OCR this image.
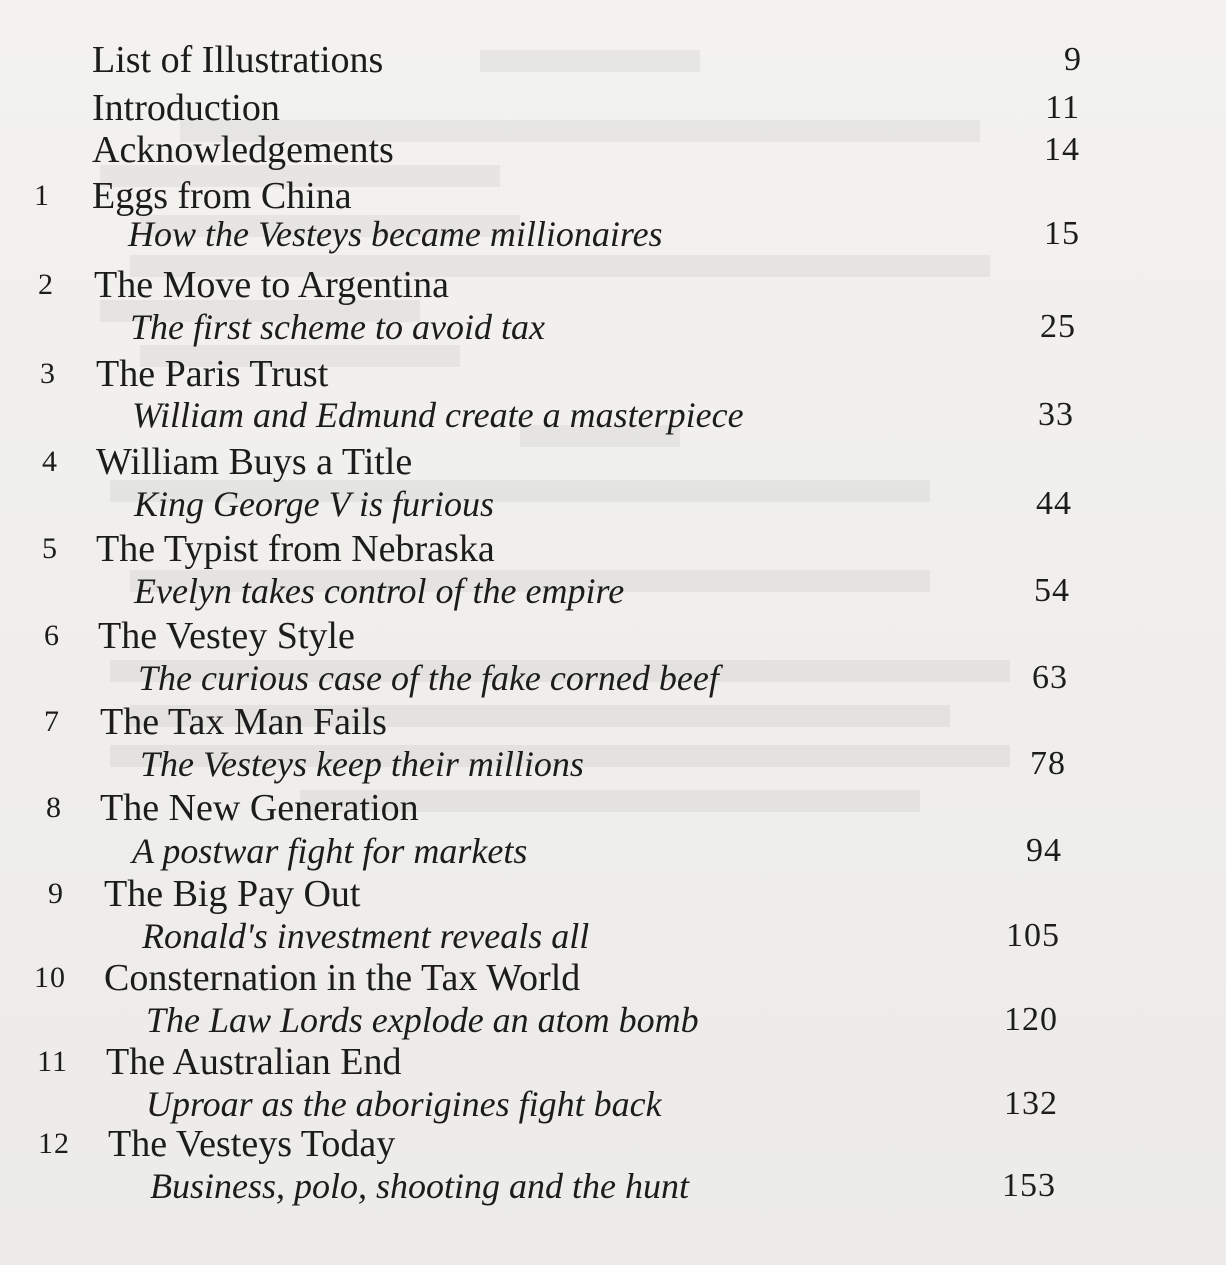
List of Illustrations	9
Introduction	11
Acknowledgements	14
1 Eggs from China
How the Vesteys became millionaires	15
2 The Move to Argentina
The first scheme to avoid tax	25
3 The Paris Trust
William and Edmund create a masterpiece	33
4 William Buys a Title
King George V is furious	44
5 The Typist from Nebraska
Evelyn takes control of the empire	54
6 The Vestey Style
The curious case of the fake corned beef	63
7 The Tax Man Fails
The Vesteys keep their millions	78
8 The New Generation
A postwar fight for markets	94
9 The Big Pay Out
Ronald's investment reveals all	105
10 Consternation in the Tax World
The Law Lords explode an atom bomb	120
11 The Australian End
Uproar as the aborigines fight back	132
12 The Vesteys Today
Business, polo, shooting and the hunt	153
